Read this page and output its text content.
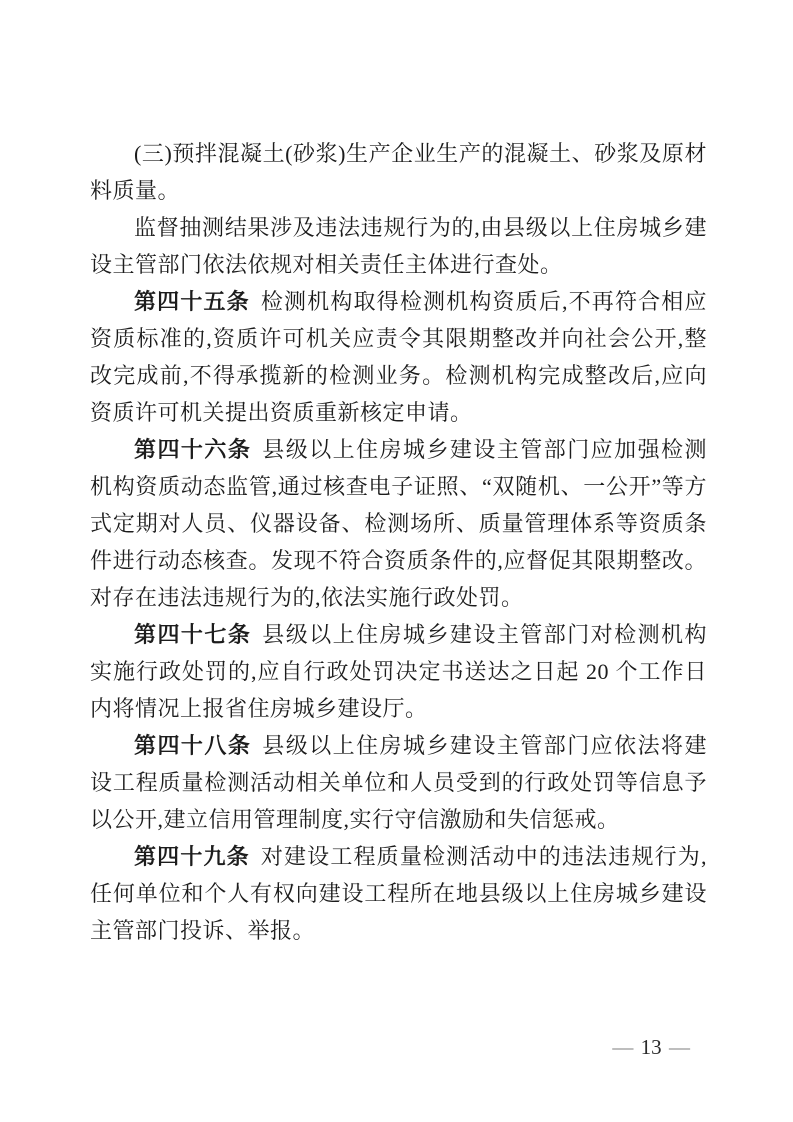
(三)预拌混凝土(砂浆)生产企业生产的混凝土、砂浆及原材料质量。

监督抽测结果涉及违法违规行为的,由县级以上住房城乡建设主管部门依法依规对相关责任主体进行查处。

第四十五条 检测机构取得检测机构资质后,不再符合相应资质标准的,资质许可机关应责令其限期整改并向社会公开,整改完成前,不得承揽新的检测业务。检测机构完成整改后,应向资质许可机关提出资质重新核定申请。

第四十六条 县级以上住房城乡建设主管部门应加强检测机构资质动态监管,通过核查电子证照、“双随机、一公开”等方式定期对人员、仪器设备、检测场所、质量管理体系等资质条件进行动态核查。发现不符合资质条件的,应督促其限期整改。对存在违法违规行为的,依法实施行政处罚。

第四十七条 县级以上住房城乡建设主管部门对检测机构实施行政处罚的,应自行政处罚决定书送达之日起 20 个工作日内将情况上报省住房城乡建设厅。

第四十八条 县级以上住房城乡建设主管部门应依法将建设工程质量检测活动相关单位和人员受到的行政处罚等信息予以公开,建立信用管理制度,实行守信激励和失信惩戒。

第四十九条 对建设工程质量检测活动中的违法违规行为,任何单位和个人有权向建设工程所在地县级以上住房城乡建设主管部门投诉、举报。

— 13 —
